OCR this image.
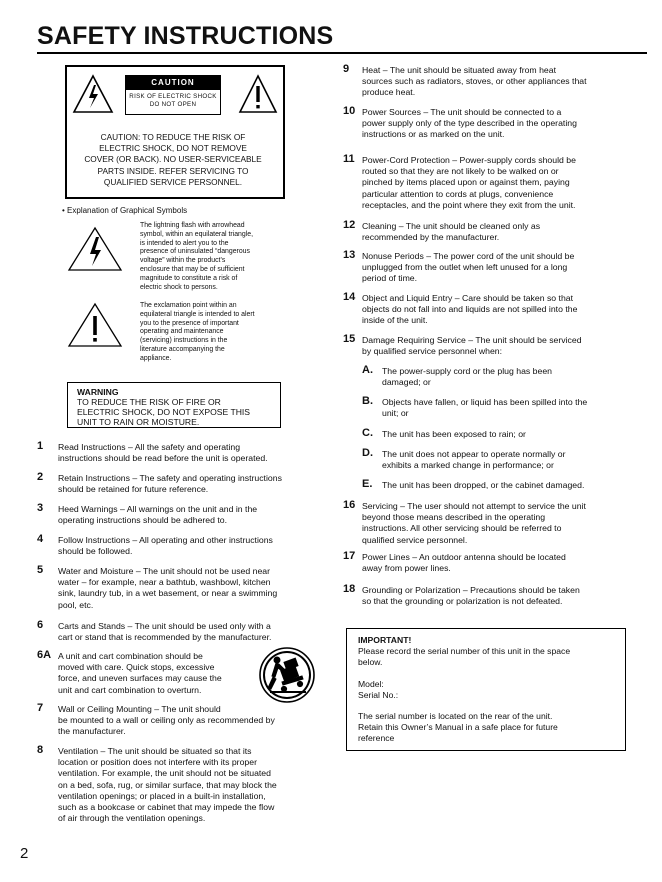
SAFETY INSTRUCTIONS
CAUTION
RISK OF ELECTRIC SHOCK
DO NOT OPEN
CAUTION: TO REDUCE THE RISK OF
ELECTRIC SHOCK, DO NOT REMOVE
COVER (OR BACK). NO USER-SERVICEABLE
PARTS INSIDE. REFER SERVICING TO
QUALIFIED SERVICE PERSONNEL.
• Explanation of Graphical Symbols
The lightning flash with arrowhead
symbol, within an equilateral triangle,
is intended to alert you to the
presence of uninsulated “dangerous
voltage” within the product’s
enclosure that may be of sufficient
magnitude to constitute a risk of
electric shock to persons.
The exclamation point within an
equilateral triangle is intended to alert
you to the presence of important
operating and maintenance
(servicing) instructions in the
literature accompanying the
appliance.
WARNING
TO REDUCE THE RISK OF FIRE OR
ELECTRIC SHOCK, DO NOT EXPOSE THIS
UNIT TO RAIN OR MOISTURE.
1 Read Instructions – All the safety and operating
instructions should be read before the unit is operated.
2 Retain Instructions – The safety and operating instructions
should be retained for future reference.
3 Heed Warnings – All warnings on the unit and in the
operating instructions should be adhered to.
4 Follow Instructions – All operating and other instructions
should be followed.
5 Water and Moisture – The unit should not be used near
water – for example, near a bathtub, washbowl, kitchen
sink, laundry tub, in a wet basement, or near a swimming
pool, etc.
6 Carts and Stands – The unit should be used only with a
cart or stand that is recommended by the manufacturer.
6A A unit and cart combination should be
moved with care. Quick stops, excessive
force, and uneven surfaces may cause the
unit and cart combination to overturn.
7 Wall or Ceiling Mounting – The unit should
be mounted to a wall or ceiling only as recommended by
the manufacturer.
8 Ventilation – The unit should be situated so that its
location or position does not interfere with its proper
ventilation. For example, the unit should not be situated
on a bed, sofa, rug, or similar surface, that may block the
ventilation openings; or placed in a built-in installation,
such as a bookcase or cabinet that may impede the flow
of air through the ventilation openings.
9 Heat – The unit should be situated away from heat
sources such as radiators, stoves, or other appliances that
produce heat.
10 Power Sources – The unit should be connected to a
power supply only of the type described in the operating
instructions or as marked on the unit.
11 Power-Cord Protection – Power-supply cords should be
routed so that they are not likely to be walked on or
pinched by items placed upon or against them, paying
particular attention to cords at plugs, convenience
receptacles, and the point where they exit from the unit.
12 Cleaning – The unit should be cleaned only as
recommended by the manufacturer.
13 Nonuse Periods – The power cord of the unit should be
unplugged from the outlet when left unused for a long
period of time.
14 Object and Liquid Entry – Care should be taken so that
objects do not fall into and liquids are not spilled into the
inside of the unit.
15 Damage Requiring Service – The unit should be serviced
by qualified service personnel when:
A. The power-supply cord or the plug has been
damaged; or
B. Objects have fallen, or liquid has been spilled into the
unit; or
C. The unit has been exposed to rain; or
D. The unit does not appear to operate normally or
exhibits a marked change in performance; or
E. The unit has been dropped, or the cabinet damaged.
16 Servicing – The user should not attempt to service the unit
beyond those means described in the operating
instructions. All other servicing should be referred to
qualified service personnel.
17 Power Lines – An outdoor antenna should be located
away from power lines.
18 Grounding or Polarization – Precautions should be taken
so that the grounding or polarization is not defeated.
IMPORTANT!
Please record the serial number of this unit in the space
below.
Model:
Serial No.:
The serial number is located on the rear of the unit.
Retain this Owner’s Manual in a safe place for future
reference
2
